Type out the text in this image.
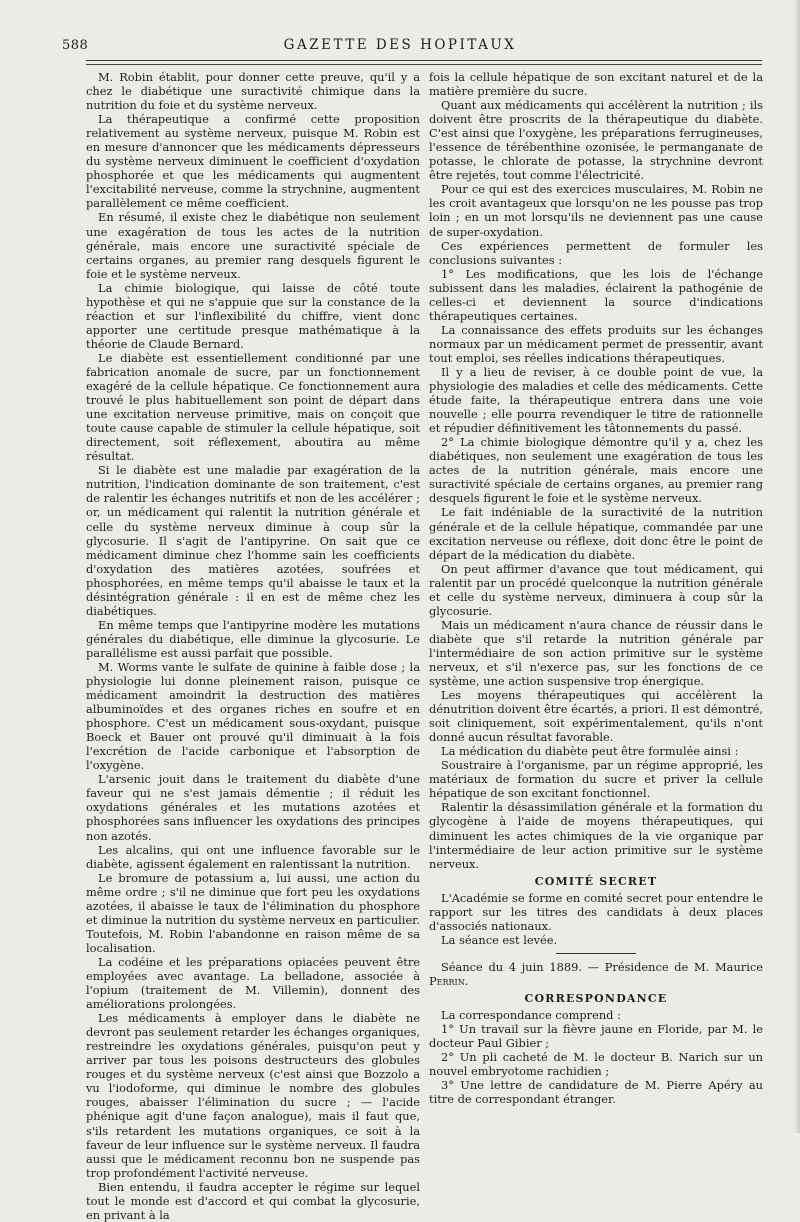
588	GAZETTE DES HOPITAUX

M. Robin établit, pour donner cette preuve, qu'il y a chez le diabétique une suractivité chimique dans la nutrition du foie et du système nerveux.

La thérapeutique a confirmé cette proposition relativement au système nerveux, puisque M. Robin est en mesure d'annoncer que les médicaments dépresseurs du système nerveux diminuent le coefficient d'oxydation phosphorée et que les médicaments qui augmentent l'excitabilité nerveuse, comme la strychnine, augmentent parallèlement ce même coefficient.

En résumé, il existe chez le diabétique non seulement une exagération de tous les actes de la nutrition générale, mais encore une suractivité spéciale de certains organes, au premier rang desquels figurent le foie et le système nerveux.

La chimie biologique, qui laisse de côté toute hypothèse et qui ne s'appuie que sur la constance de la réaction et sur l'inflexibilité du chiffre, vient donc apporter une certitude presque mathématique à la théorie de Claude Bernard.

Le diabète est essentiellement conditionné par une fabrication anomale de sucre, par un fonctionnement exagéré de la cellule hépatique. Ce fonctionnement aura trouvé le plus habituellement son point de départ dans une excitation nerveuse primitive, mais on conçoit que toute cause capable de stimuler la cellule hépatique, soit directement, soit réflexement, aboutira au même résultat.

Si le diabète est une maladie par exagération de la nutrition, l'indication dominante de son traitement, c'est de ralentir les échanges nutritifs et non de les accélérer ; or, un médicament qui ralentit la nutrition générale et celle du système nerveux diminue à coup sûr la glycosurie. Il s'agit de l'antipyrine. On sait que ce médicament diminue chez l'homme sain les coefficients d'oxydation des matières azotées, soufrées et phosphorées, en même temps qu'il abaisse le taux et la désintégration générale : il en est de même chez les diabétiques.

En même temps que l'antipyrine modère les mutations générales du diabétique, elle diminue la glycosurie. Le parallélisme est aussi parfait que possible.

M. Worms vante le sulfate de quinine à faible dose ; la physiologie lui donne pleinement raison, puisque ce médicament amoindrit la destruction des matières albuminoïdes et des organes riches en soufre et en phosphore. C'est un médicament sous-oxydant, puisque Boeck et Bauer ont prouvé qu'il diminuait à la fois l'excrétion de l'acide carbonique et l'absorption de l'oxygène.

L'arsenic jouit dans le traitement du diabète d'une faveur qui ne s'est jamais démentie ; il réduit les oxydations générales et les mutations azotées et phosphorées sans influencer les oxydations des principes non azotés.

Les alcalins, qui ont une influence favorable sur le diabète, agissent également en ralentissant la nutrition.

Le bromure de potassium a, lui aussi, une action du même ordre ; s'il ne diminue que fort peu les oxydations azotées, il abaisse le taux de l'élimination du phosphore et diminue la nutrition du système nerveux en particulier. Toutefois, M. Robin l'abandonne en raison même de sa localisation.

La codéine et les préparations opiacées peuvent être employées avec avantage. La belladone, associée à l'opium (traitement de M. Villemin), donnent des améliorations prolongées.

Les médicaments à employer dans le diabète ne devront pas seulement retarder les échanges organiques, restreindre les oxydations générales, puisqu'on peut y arriver par tous les poisons destructeurs des globules rouges et du système nerveux (c'est ainsi que Bozzolo a vu l'iodoforme, qui diminue le nombre des globules rouges, abaisser l'élimination du sucre ; — l'acide phénique agit d'une façon analogue), mais il faut que, s'ils retardent les mutations organiques, ce soit à la faveur de leur influence sur le système nerveux. Il faudra aussi que le médicament reconnu bon ne suspende pas trop profondément l'activité nerveuse.

Bien entendu, il faudra accepter le régime sur lequel tout le monde est d'accord et qui combat la glycosurie, en privant à la

fois la cellule hépatique de son excitant naturel et de la matière première du sucre.

Quant aux médicaments qui accélèrent la nutrition ; ils doivent être proscrits de la thérapeutique du diabète. C'est ainsi que l'oxygène, les préparations ferrugineuses, l'essence de térébenthine ozonisée, le permanganate de potasse, le chlorate de potasse, la strychnine devront être rejetés, tout comme l'électricité.

Pour ce qui est des exercices musculaires, M. Robin ne les croit avantageux que lorsqu'on ne les pousse pas trop loin ; en un mot lorsqu'ils ne deviennent pas une cause de super-oxydation.

Ces expériences permettent de formuler les conclusions suivantes :

1° Les modifications, que les lois de l'échange subissent dans les maladies, éclairent la pathogénie de celles-ci et deviennent la source d'indications thérapeutiques certaines.

La connaissance des effets produits sur les échanges normaux par un médicament permet de pressentir, avant tout emploi, ses réelles indications thérapeutiques.

Il y a lieu de reviser, à ce double point de vue, la physiologie des maladies et celle des médicaments. Cette étude faite, la thérapeutique entrera dans une voie nouvelle ; elle pourra revendiquer le titre de rationnelle et répudier définitivement les tâtonnements du passé.

2° La chimie biologique démontre qu'il y a, chez les diabétiques, non seulement une exagération de tous les actes de la nutrition générale, mais encore une suractivité spéciale de certains organes, au premier rang desquels figurent le foie et le système nerveux.

Le fait indéniable de la suractivité de la nutrition générale et de la cellule hépatique, commandée par une excitation nerveuse ou réflexe, doit donc être le point de départ de la médication du diabète.

On peut affirmer d'avance que tout médicament, qui ralentit par un procédé quelconque la nutrition générale et celle du système nerveux, diminuera à coup sûr la glycosurie.

Mais un médicament n'aura chance de réussir dans le diabète que s'il retarde la nutrition générale par l'intermédiaire de son action primitive sur le système nerveux, et s'il n'exerce pas, sur les fonctions de ce système, une action suspensive trop énergique.

Les moyens thérapeutiques qui accélèrent la dénutrition doivent être écartés, a priori. Il est démontré, soit cliniquement, soit expérimentalement, qu'ils n'ont donné aucun résultat favorable.

La médication du diabète peut être formulée ainsi :

Soustraire à l'organisme, par un régime approprié, les matériaux de formation du sucre et priver la cellule hépatique de son excitant fonctionnel.

Ralentir la désassimilation générale et la formation du glycogène à l'aide de moyens thérapeutiques, qui diminuent les actes chimiques de la vie organique par l'intermédiaire de leur action primitive sur le système nerveux.

COMITÉ SECRET

L'Académie se forme en comité secret pour entendre le rapport sur les titres des candidats à deux places d'associés nationaux.

La séance est levée.

Séance du 4 juin 1889. — Présidence de M. Maurice Perrin.

CORRESPONDANCE

La correspondance comprend :

1° Un travail sur la fièvre jaune en Floride, par M. le docteur Paul Gibier ;

2° Un pli cacheté de M. le docteur B. Narich sur un nouvel embryotome rachidien ;

3° Une lettre de candidature de M. Pierre Apéry au titre de correspondant étranger.
